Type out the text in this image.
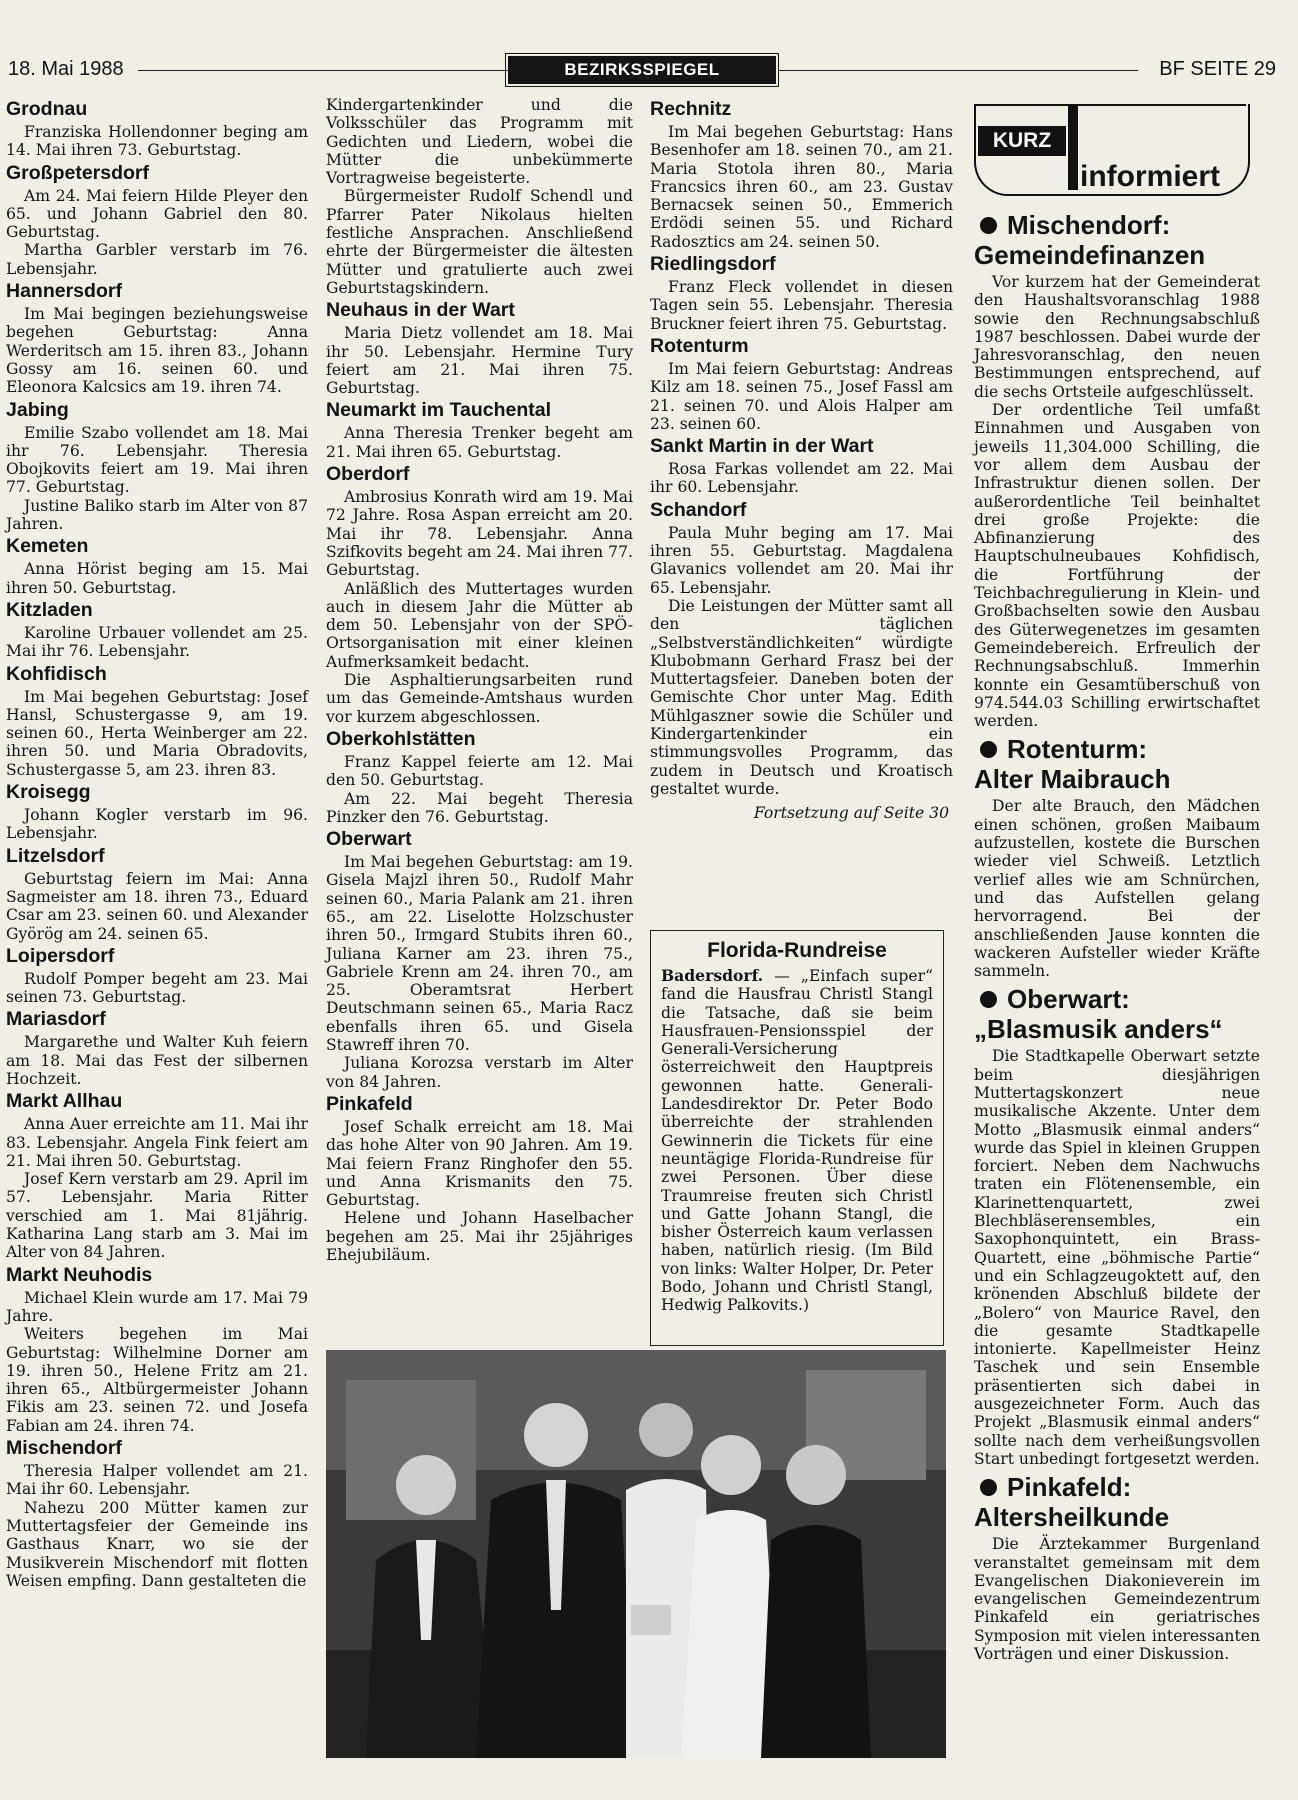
18. Mai 1988	BEZIRKSSPIEGEL	BF SEITE 29
Grodnau

Franziska Hollendonner beging am 14. Mai ihren 73. Geburtstag.

Großpetersdorf

Am 24. Mai feiern Hilde Pleyer den 65. und Johann Gabriel den 80. Geburtstag.

Martha Garbler verstarb im 76. Lebensjahr.

Hannersdorf

Im Mai begingen beziehungsweise begehen Geburtstag: Anna Werderitsch am 15. ihren 83., Johann Gossy am 16. seinen 60. und Eleonora Kalcsics am 19. ihren 74.

Jabing

Emilie Szabo vollendet am 18. Mai ihr 76. Lebensjahr. Theresia Obojkovits feiert am 19. Mai ihren 77. Geburtstag.

Justine Baliko starb im Alter von 87 Jahren.

Kemeten

Anna Hörist beging am 15. Mai ihren 50. Geburtstag.

Kitzladen

Karoline Urbauer vollendet am 25. Mai ihr 76. Lebensjahr.

Kohfidisch

Im Mai begehen Geburtstag: Josef Hansl, Schustergasse 9, am 19. seinen 60., Herta Weinberger am 22. ihren 50. und Maria Obradovits, Schustergasse 5, am 23. ihren 83.

Kroisegg

Johann Kogler verstarb im 96. Lebensjahr.

Litzelsdorf

Geburtstag feiern im Mai: Anna Sagmeister am 18. ihren 73., Eduard Csar am 23. seinen 60. und Alexander Györög am 24. seinen 65.

Loipersdorf

Rudolf Pomper begeht am 23. Mai seinen 73. Geburtstag.

Mariasdorf

Margarethe und Walter Kuh feiern am 18. Mai das Fest der silbernen Hochzeit.

Markt Allhau

Anna Auer erreichte am 11. Mai ihr 83. Lebensjahr. Angela Fink feiert am 21. Mai ihren 50. Geburtstag.

Josef Kern verstarb am 29. April im 57. Lebensjahr. Maria Ritter verschied am 1. Mai 81jährig. Katharina Lang starb am 3. Mai im Alter von 84 Jahren.

Markt Neuhodis

Michael Klein wurde am 17. Mai 79 Jahre.

Weiters begehen im Mai Geburtstag: Wilhelmine Dorner am 19. ihren 50., Helene Fritz am 21. ihren 65., Altbürgermeister Johann Fikis am 23. seinen 72. und Josefa Fabian am 24. ihren 74.

Mischendorf

Theresia Halper vollendet am 21. Mai ihr 60. Lebensjahr.

Nahezu 200 Mütter kamen zur Muttertagsfeier der Gemeinde ins Gasthaus Knarr, wo sie der Musikverein Mischendorf mit flotten Weisen empfing. Dann gestalteten die

Kindergartenkinder und die Volksschüler das Programm mit Gedichten und Liedern, wobei die Mütter die unbekümmerte Vortragweise begeisterte.

Bürgermeister Rudolf Schendl und Pfarrer Pater Nikolaus hielten festliche Ansprachen. Anschließend ehrte der Bürgermeister die ältesten Mütter und gratulierte auch zwei Geburtstagskindern.

Neuhaus in der Wart

Maria Dietz vollendet am 18. Mai ihr 50. Lebensjahr. Hermine Tury feiert am 21. Mai ihren 75. Geburtstag.

Neumarkt im Tauchental

Anna Theresia Trenker begeht am 21. Mai ihren 65. Geburtstag.

Oberdorf

Ambrosius Konrath wird am 19. Mai 72 Jahre. Rosa Aspan erreicht am 20. Mai ihr 78. Lebensjahr. Anna Szifkovits begeht am 24. Mai ihren 77. Geburtstag.

Anläßlich des Muttertages wurden auch in diesem Jahr die Mütter ab dem 50. Lebensjahr von der SPÖ-Ortsorganisation mit einer kleinen Aufmerksamkeit bedacht.

Die Asphaltierungsarbeiten rund um das Gemeinde-Amtshaus wurden vor kurzem abgeschlossen.

Oberkohlstätten

Franz Kappel feierte am 12. Mai den 50. Geburtstag.

Am 22. Mai begeht Theresia Pinzker den 76. Geburtstag.

Oberwart

Im Mai begehen Geburtstag: am 19. Gisela Majzl ihren 50., Rudolf Mahr seinen 60., Maria Palank am 21. ihren 65., am 22. Liselotte Holzschuster ihren 50., Irmgard Stubits ihren 60., Juliana Karner am 23. ihren 75., Gabriele Krenn am 24. ihren 70., am 25. Oberamtsrat Herbert Deutschmann seinen 65., Maria Racz ebenfalls ihren 65. und Gisela Stawreff ihren 70.

Juliana Korozsa verstarb im Alter von 84 Jahren.

Pinkafeld

Josef Schalk erreicht am 18. Mai das hohe Alter von 90 Jahren. Am 19. Mai feiern Franz Ringhofer den 55. und Anna Krismanits den 75. Geburtstag.

Helene und Johann Haselbacher begehen am 25. Mai ihr 25jähriges Ehejubiläum.

Rechnitz

Im Mai begehen Geburtstag: Hans Besenhofer am 18. seinen 70., am 21. Maria Stotola ihren 80., Maria Francsics ihren 60., am 23. Gustav Bernacsek seinen 50., Emmerich Erdödi seinen 55. und Richard Radosztics am 24. seinen 50.

Riedlingsdorf

Franz Fleck vollendet in diesen Tagen sein 55. Lebensjahr. Theresia Bruckner feiert ihren 75. Geburtstag.

Rotenturm

Im Mai feiern Geburtstag: Andreas Kilz am 18. seinen 75., Josef Fassl am 21. seinen 70. und Alois Halper am 23. seinen 60.

Sankt Martin in der Wart

Rosa Farkas vollendet am 22. Mai ihr 60. Lebensjahr.

Schandorf

Paula Muhr beging am 17. Mai ihren 55. Geburtstag. Magdalena Glavanics vollendet am 20. Mai ihr 65. Lebensjahr.

Die Leistungen der Mütter samt all den täglichen „Selbstverständlichkeiten“ würdigte Klubobmann Gerhard Frasz bei der Muttertagsfeier. Daneben boten der Gemischte Chor unter Mag. Edith Mühlgaszner sowie die Schüler und Kindergartenkinder ein stimmungsvolles Programm, das zudem in Deutsch und Kroatisch gestaltet wurde.

Fortsetzung auf Seite 30

Florida-Rundreise
Badersdorf. — „Einfach super“ fand die Hausfrau Christl Stangl die Tatsache, daß sie beim Hausfrauen-Pensionsspiel der Generali-Versicherung österreichweit den Hauptpreis gewonnen hatte. Generali-Landesdirektor Dr. Peter Bodo überreichte der strahlenden Gewinnerin die Tickets für eine neuntägige Florida-Rundreise für zwei Personen. Über diese Traumreise freuten sich Christl und Gatte Johann Stangl, die bisher Österreich kaum verlassen haben, natürlich riesig. (Im Bild von links: Walter Holper, Dr. Peter Bodo, Johann und Christl Stangl, Hedwig Palkovits.)
KURZ
informiert
Mischendorf:
Gemeindefinanzen

Vor kurzem hat der Gemeinderat den Haushaltsvoranschlag 1988 sowie den Rechnungsabschluß 1987 beschlossen. Dabei wurde der Jahresvoranschlag, den neuen Bestimmungen entsprechend, auf die sechs Ortsteile aufgeschlüsselt.

Der ordentliche Teil umfaßt Einnahmen und Ausgaben von jeweils 11,304.000 Schilling, die vor allem dem Ausbau der Infrastruktur dienen sollen. Der außerordentliche Teil beinhaltet drei große Projekte: die Abfinanzierung des Hauptschulneubaues Kohfidisch, die Fortführung der Teichbachregulierung in Klein- und Großbachselten sowie den Ausbau des Güterwegenetzes im gesamten Gemeindebereich. Erfreulich der Rechnungsabschluß. Immerhin konnte ein Gesamtüberschuß von 974.544.03 Schilling erwirtschaftet werden.

Rotenturm:
Alter Maibrauch

Der alte Brauch, den Mädchen einen schönen, großen Maibaum aufzustellen, kostete die Burschen wieder viel Schweiß. Letztlich verlief alles wie am Schnürchen, und das Aufstellen gelang hervorragend. Bei der anschließenden Jause konnten die wackeren Aufsteller wieder Kräfte sammeln.

Oberwart:
„Blasmusik anders“

Die Stadtkapelle Oberwart setzte beim diesjährigen Muttertagskonzert neue musikalische Akzente. Unter dem Motto „Blasmusik einmal anders“ wurde das Spiel in kleinen Gruppen forciert. Neben dem Nachwuchs traten ein Flötenensemble, ein Klarinettenquartett, zwei Blechbläserensembles, ein Saxophonquintett, ein Brass-Quartett, eine „böhmische Partie“ und ein Schlagzeugoktett auf, den krönenden Abschluß bildete der „Bolero“ von Maurice Ravel, den die gesamte Stadtkapelle intonierte. Kapellmeister Heinz Taschek und sein Ensemble präsentierten sich dabei in ausgezeichneter Form. Auch das Projekt „Blasmusik einmal anders“ sollte nach dem verheißungsvollen Start unbedingt fortgesetzt werden.

Pinkafeld:
Altersheilkunde

Die Ärztekammer Burgenland veranstaltet gemeinsam mit dem Evangelischen Diakonieverein im evangelischen Gemeindezentrum Pinkafeld ein geriatrisches Symposion mit vielen interessanten Vorträgen und einer Diskussion.
